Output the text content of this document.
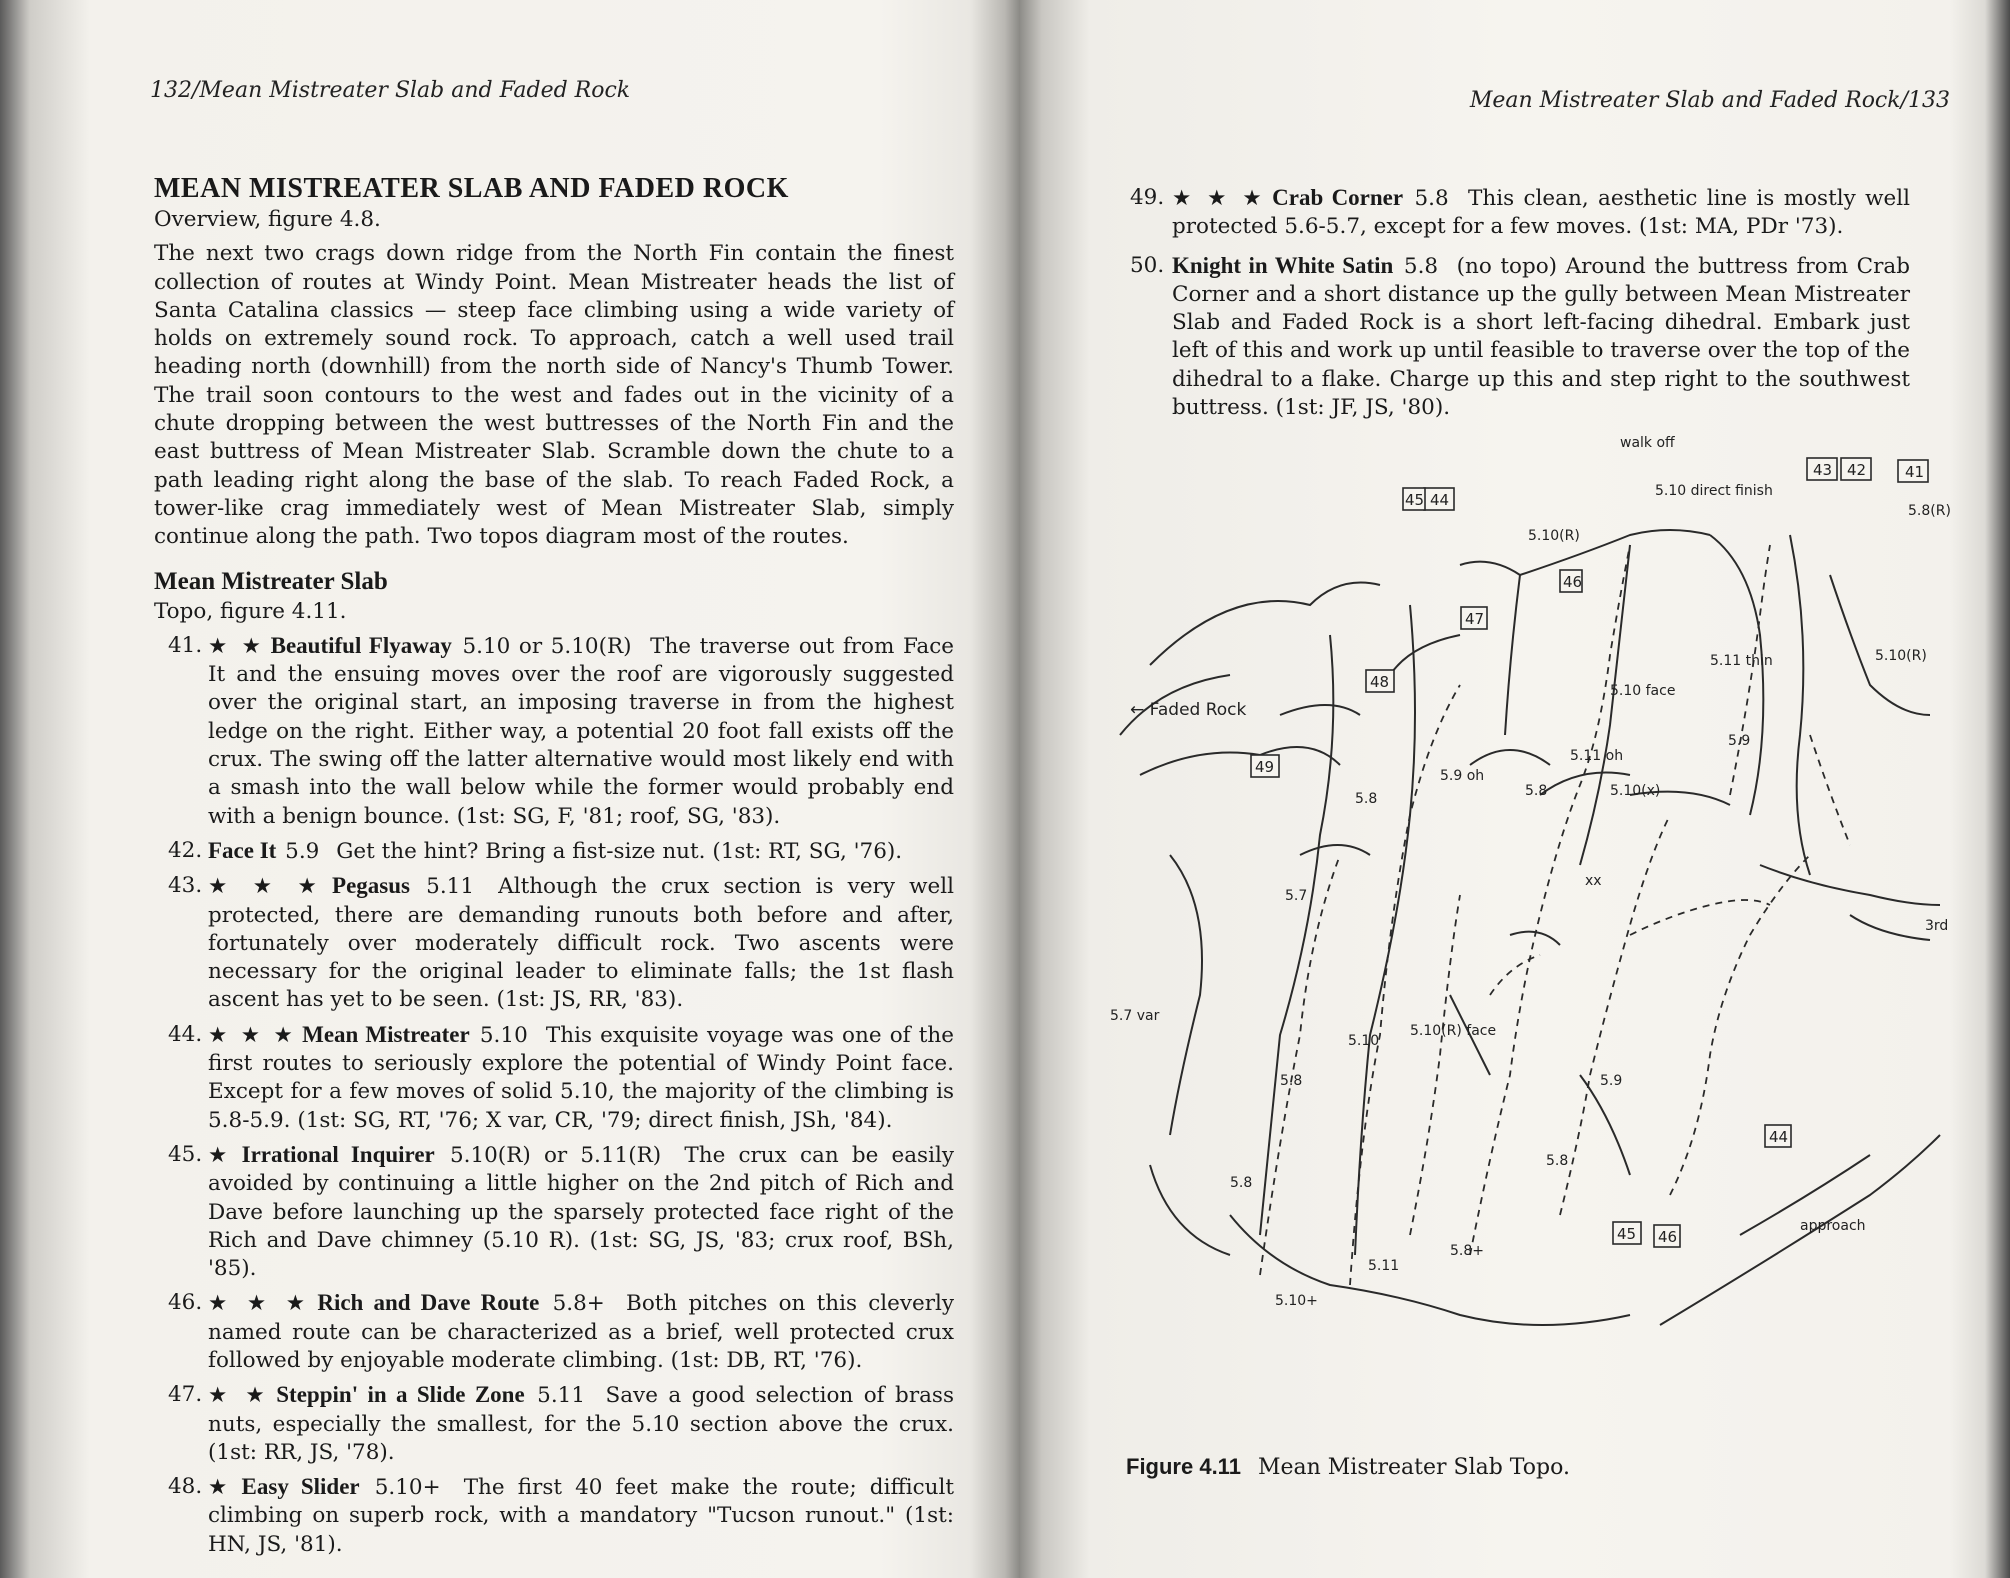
132/Mean Mistreater Slab and Faded Rock
MEAN MISTREATER SLAB AND FADED ROCK
Overview, figure 4.8.

The next two crags down ridge from the North Fin contain the finest collection of routes at Windy Point. Mean Mistreater heads the list of Santa Catalina classics — steep face climbing using a wide variety of holds on extremely sound rock. To approach, catch a well used trail heading north (downhill) from the north side of Nancy's Thumb Tower. The trail soon contours to the west and fades out in the vicinity of a chute dropping between the west buttresses of the North Fin and the east buttress of Mean Mistreater Slab. Scramble down the chute to a path leading right along the base of the slab. To reach Faded Rock, a tower-like crag immediately west of Mean Mistreater Slab, simply continue along the path. Two topos diagram most of the routes.

Mean Mistreater Slab
Topo, figure 4.11.
41. ★ ★ Beautiful Flyaway 5.10 or 5.10(R) The traverse out from Face It and the ensuing moves over the roof are vigorously suggested over the original start, an imposing traverse in from the highest ledge on the right. Either way, a potential 20 foot fall exists off the crux. The swing off the latter alternative would most likely end with a smash into the wall below while the former would probably end with a benign bounce. (1st: SG, F, '81; roof, SG, '83).
42. Face It 5.9 Get the hint? Bring a fist-size nut. (1st: RT, SG, '76).
43. ★ ★ ★ Pegasus 5.11 Although the crux section is very well protected, there are demanding runouts both before and after, fortunately over moderately difficult rock. Two ascents were necessary for the original leader to eliminate falls; the 1st flash ascent has yet to be seen. (1st: JS, RR, '83).
44. ★ ★ ★ Mean Mistreater 5.10 This exquisite voyage was one of the first routes to seriously explore the potential of Windy Point face. Except for a few moves of solid 5.10, the majority of the climbing is 5.8-5.9. (1st: SG, RT, '76; X var, CR, '79; direct finish, JSh, '84).
45. ★ Irrational Inquirer 5.10(R) or 5.11(R) The crux can be easily avoided by continuing a little higher on the 2nd pitch of Rich and Dave before launching up the sparsely protected face right of the Rich and Dave chimney (5.10 R). (1st: SG, JS, '83; crux roof, BSh, '85).
46. ★ ★ ★ Rich and Dave Route 5.8+ Both pitches on this cleverly named route can be characterized as a brief, well protected crux followed by enjoyable moderate climbing. (1st: DB, RT, '76).
47. ★ ★ Steppin' in a Slide Zone 5.11 Save a good selection of brass nuts, especially the smallest, for the 5.10 section above the crux. (1st: RR, JS, '78).
48. ★ Easy Slider 5.10+ The first 40 feet make the route; difficult climbing on superb rock, with a mandatory "Tucson runout." (1st: HN, JS, '81).
Mean Mistreater Slab and Faded Rock/133
49. ★ ★ ★ Crab Corner 5.8 This clean, aesthetic line is mostly well protected 5.6-5.7, except for a few moves. (1st: MA, PDr '73).
50. Knight in White Satin 5.8 (no topo) Around the buttress from Crab Corner and a short distance up the gully between Mean Mistreater Slab and Faded Rock is a short left-facing dihedral. Embark just left of this and work up until feasible to traverse over the top of the dihedral to a flake. Charge up this and step right to the southwest buttress. (1st: JF, JS, '80).
41
42
43
44
45
46
47
48
49
44
45 46
walk off
← Faded Rock
approach
3rd
5.10 direct finish
5.11 thin
5.10 face
5.9 oh
5.10(R)
5.8(R)
5.10(R)
5.11 oh
5.10(x)
5.8
5.8
5.7
5.7 var
5.10
5.10(R) face
5.9
5.9
5.8
5.8
5.8+
5.11
5.10+
5.8
xx
Figure 4.11 Mean Mistreater Slab Topo.
